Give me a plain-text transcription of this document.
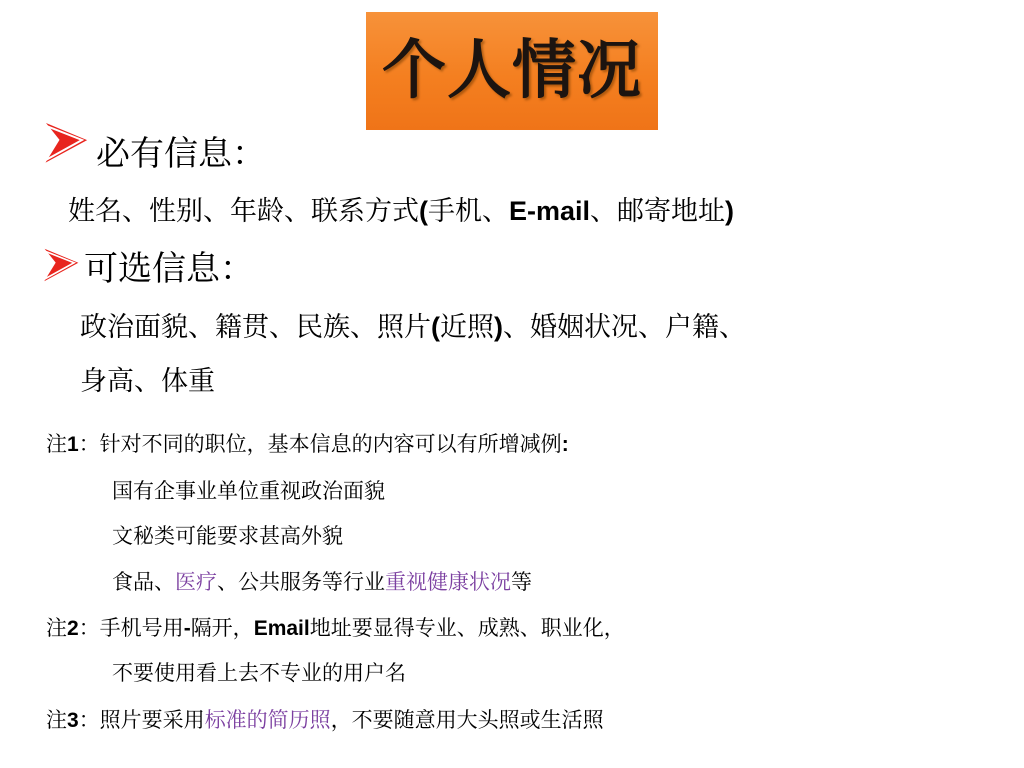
个人情况
必有信息：
姓名、性别、年龄、联系方式(手机、E-mail、邮寄地址)
可选信息：
政治面貌、籍贯、民族、照片(近照)、婚姻状况、户籍、
身高、体重
注1：针对不同的职位，基本信息的内容可以有所增减例:
国有企事业单位重视政治面貌
文秘类可能要求甚高外貌
食品、医疗、公共服务等行业重视健康状况等
注2：手机号用-隔开，Email地址要显得专业、成熟、职业化，
不要使用看上去不专业的用户名
注3：照片要采用标准的简历照，不要随意用大头照或生活照
